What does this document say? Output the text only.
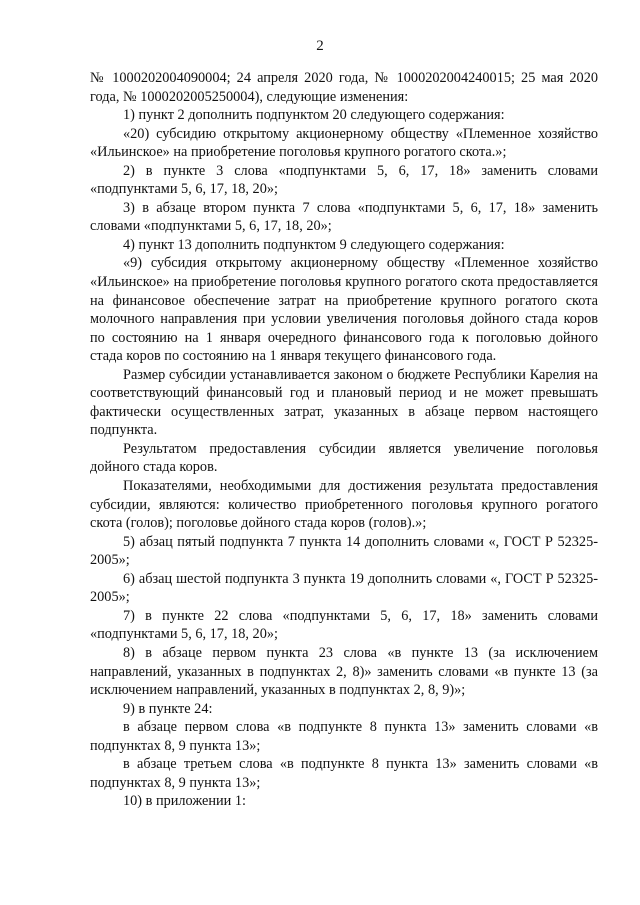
2

№ 1000202004090004; 24 апреля 2020 года, № 1000202004240015; 25 мая 2020 года, № 1000202005250004), следующие изменения:

1) пункт 2 дополнить подпунктом 20 следующего содержания:

«20) субсидию открытому акционерному обществу «Племенное хозяйство «Ильинское» на приобретение поголовья крупного рогатого скота.»;

2) в пункте 3 слова «подпунктами 5, 6, 17, 18» заменить словами «подпунктами 5, 6, 17, 18, 20»;

3) в абзаце втором пункта 7 слова «подпунктами 5, 6, 17, 18» заменить словами «подпунктами 5, 6, 17, 18, 20»;

4) пункт 13 дополнить подпунктом 9 следующего содержания:

«9) субсидия открытому акционерному обществу «Племенное хозяйство «Ильинское» на приобретение поголовья крупного рогатого скота предоставляется на финансовое обеспечение затрат на приобретение крупного рогатого скота молочного направления при условии увеличения поголовья дойного стада коров по состоянию на 1 января очередного финансового года к поголовью дойного стада коров по состоянию на 1 января текущего финансового года.

Размер субсидии устанавливается законом о бюджете Республики Карелия на соответствующий финансовый год и плановый период и не может превышать фактически осуществленных затрат, указанных в абзаце первом настоящего подпункта.

Результатом предоставления субсидии является увеличение поголовья дойного стада коров.

Показателями, необходимыми для достижения результата предоставления субсидии, являются: количество приобретенного поголовья крупного рогатого скота (голов); поголовье дойного стада коров (голов).»;

5) абзац пятый подпункта 7 пункта 14 дополнить словами «, ГОСТ Р 52325-2005»;

6) абзац шестой подпункта 3 пункта 19 дополнить словами «, ГОСТ Р 52325-2005»;

7) в пункте 22 слова «подпунктами 5, 6, 17, 18» заменить словами «подпунктами 5, 6, 17, 18, 20»;

8) в абзаце первом пункта 23 слова «в пункте 13 (за исключением направлений, указанных в подпунктах 2, 8)» заменить словами «в пункте 13 (за исключением направлений, указанных в подпунктах 2, 8, 9)»;

9) в пункте 24:

в абзаце первом слова «в подпункте 8 пункта 13» заменить словами «в подпунктах 8, 9 пункта 13»;

в абзаце третьем слова «в подпункте 8 пункта 13» заменить словами «в подпунктах 8, 9 пункта 13»;

10) в приложении 1:
